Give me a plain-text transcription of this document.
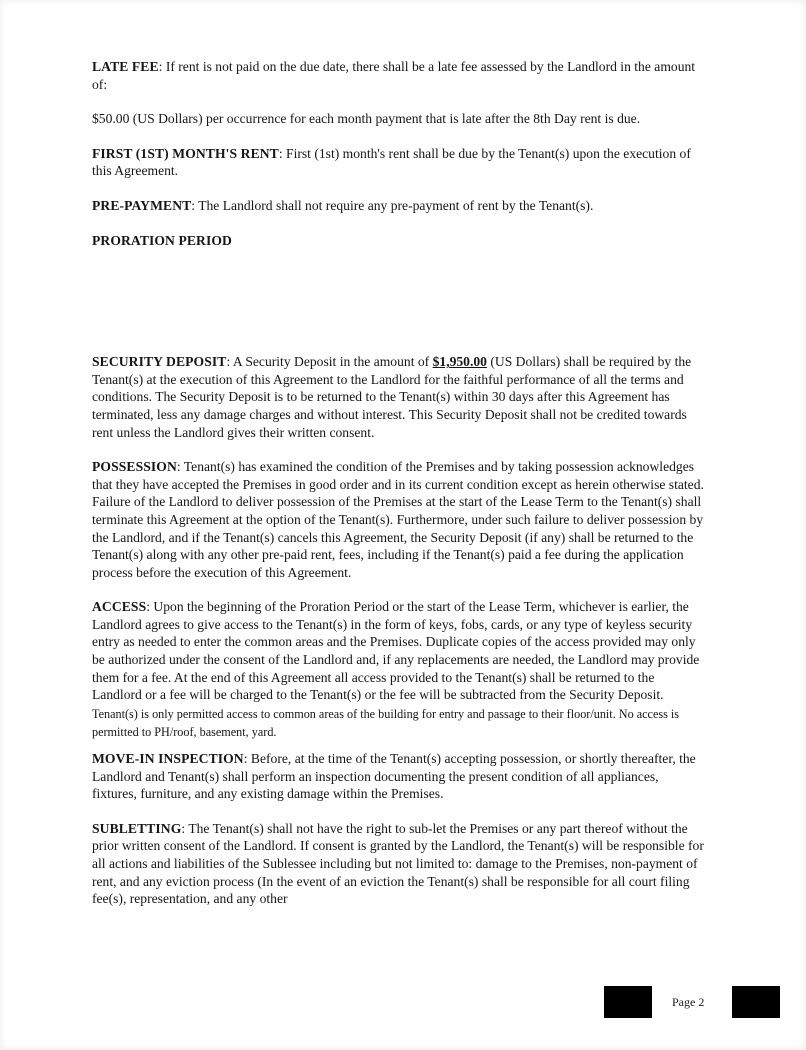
LATE FEE: If rent is not paid on the due date, there shall be a late fee assessed by the Landlord in the amount of:

$50.00 (US Dollars) per occurrence for each month payment that is late after the 8th Day rent is due.

FIRST (1ST) MONTH'S RENT: First (1st) month's rent shall be due by the Tenant(s) upon the execution of this Agreement.

PRE-PAYMENT: The Landlord shall not require any pre-payment of rent by the Tenant(s).

PRORATION PERIOD

SECURITY DEPOSIT: A Security Deposit in the amount of $1,950.00 (US Dollars) shall be required by the Tenant(s) at the execution of this Agreement to the Landlord for the faithful performance of all the terms and conditions. The Security Deposit is to be returned to the Tenant(s) within 30 days after this Agreement has terminated, less any damage charges and without interest. This Security Deposit shall not be credited towards rent unless the Landlord gives their written consent.

POSSESSION: Tenant(s) has examined the condition of the Premises and by taking possession acknowledges that they have accepted the Premises in good order and in its current condition except as herein otherwise stated. Failure of the Landlord to deliver possession of the Premises at the start of the Lease Term to the Tenant(s) shall terminate this Agreement at the option of the Tenant(s). Furthermore, under such failure to deliver possession by the Landlord, and if the Tenant(s) cancels this Agreement, the Security Deposit (if any) shall be returned to the Tenant(s) along with any other pre-paid rent, fees, including if the Tenant(s) paid a fee during the application process before the execution of this Agreement.

ACCESS: Upon the beginning of the Proration Period or the start of the Lease Term, whichever is earlier, the Landlord agrees to give access to the Tenant(s) in the form of keys, fobs, cards, or any type of keyless security entry as needed to enter the common areas and the Premises. Duplicate copies of the access provided may only be authorized under the consent of the Landlord and, if any replacements are needed, the Landlord may provide them for a fee. At the end of this Agreement all access provided to the Tenant(s) shall be returned to the Landlord or a fee will be charged to the Tenant(s) or the fee will be subtracted from the Security Deposit. Tenant(s) is only permitted access to common areas of the building for entry and passage to their floor/unit. No access is permitted to PH/roof, basement, yard.

MOVE-IN INSPECTION: Before, at the time of the Tenant(s) accepting possession, or shortly thereafter, the Landlord and Tenant(s) shall perform an inspection documenting the present condition of all appliances, fixtures, furniture, and any existing damage within the Premises.

SUBLETTING: The Tenant(s) shall not have the right to sub-let the Premises or any part thereof without the prior written consent of the Landlord. If consent is granted by the Landlord, the Tenant(s) will be responsible for all actions and liabilities of the Sublessee including but not limited to: damage to the Premises, non-payment of rent, and any eviction process (In the event of an eviction the Tenant(s) shall be responsible for all court filing fee(s), representation, and any other

Page 2
